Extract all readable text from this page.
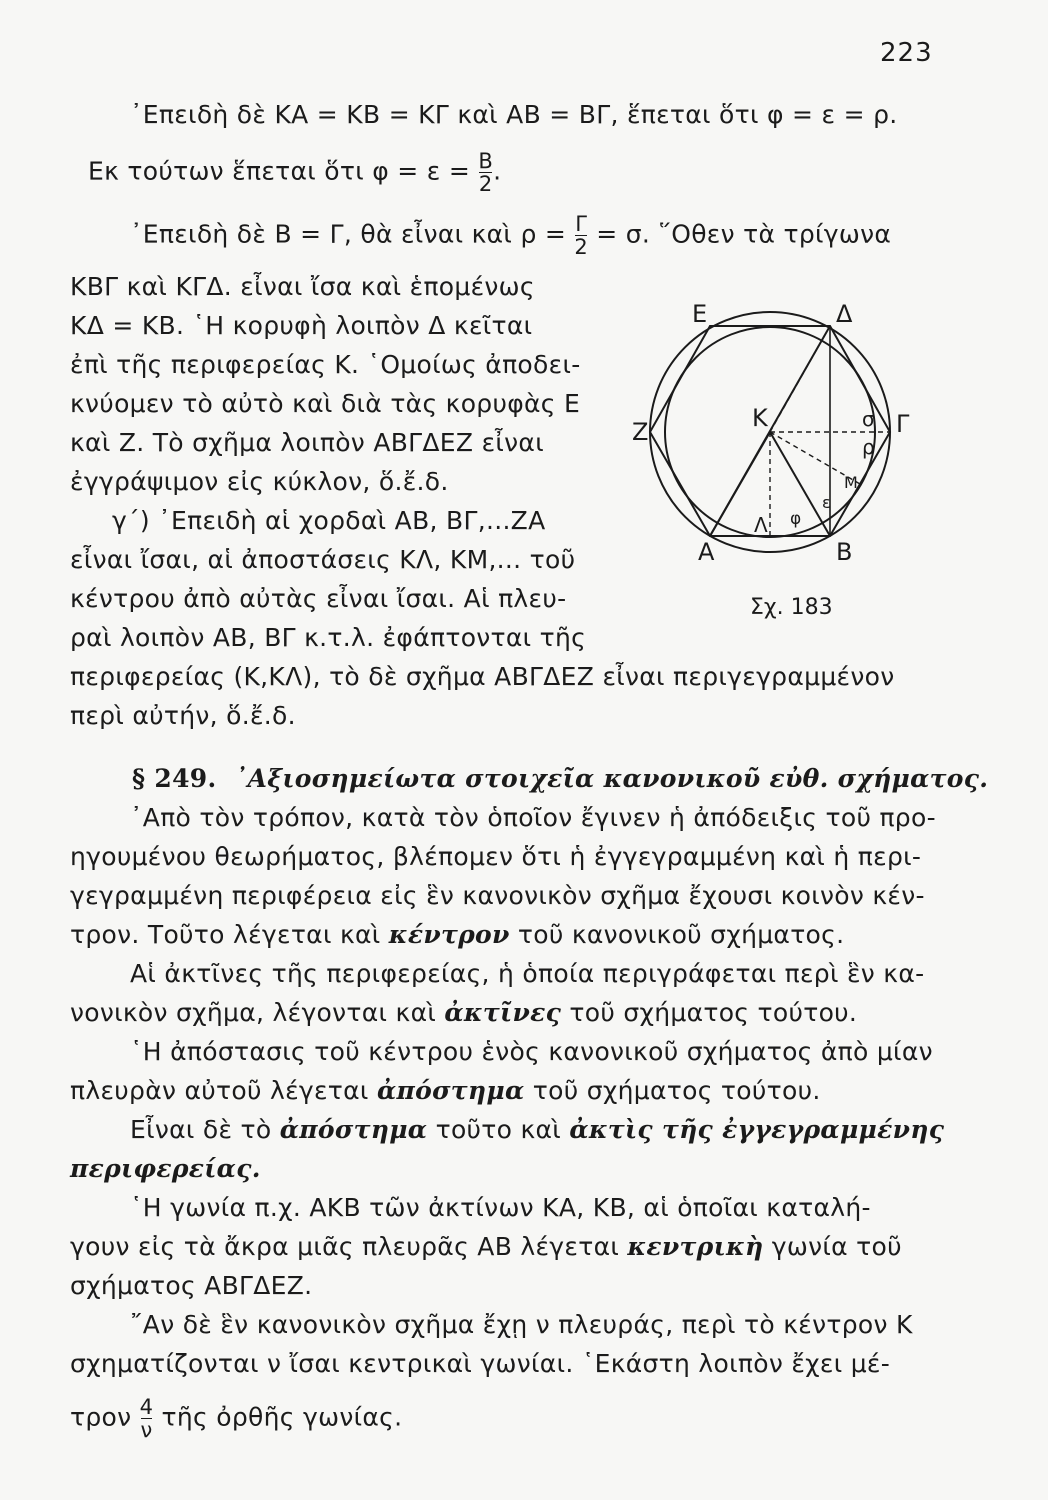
223
᾿Επειδὴ δὲ ΚΑ = ΚΒ = ΚΓ καὶ ΑΒ = ΒΓ, ἕπεται ὅτι φ = ε = ρ.
Εκ τούτων ἕπεται ὅτι $\varphi = \varepsilon = \frac{B}{2}$ .
᾿Επειδὴ δὲ Β = Γ, θὰ εἶναι καὶ $\rho = \frac{\Gamma}{2} = \sigma$. ῞Οθεν τὰ τρίγωνα
ΚΒΓ καὶ ΚΓΔ. εἶναι ἴσα καὶ ἑπομένως
ΚΔ = ΚΒ. ῾Η κορυφὴ λοιπὸν Δ κεῖται
ἐπὶ τῆς περιφερείας Κ. ῾Ομοίως ἀποδει-
κνύομεν τὸ αὐτὸ καὶ διὰ τὰς κορυφὰς Ε
καὶ Ζ. Τὸ σχῆμα λοιπὸν ΑΒΓΔΕΖ εἶναι
ἐγγράψιμον εἰς κύκλον, ὅ.ἔ.δ.
γ´) ᾿Επειδὴ αἱ χορδαὶ ΑΒ, ΒΓ,...ΖΑ
εἶναι ἴσαι, αἱ ἀποστάσεις ΚΛ, ΚΜ,... τοῦ
κέντρου ἀπὸ αὐτὰς εἶναι ἴσαι. Αἱ πλευ-
ραὶ λοιπὸν ΑΒ, ΒΓ κ.τ.λ. ἐφάπτονται τῆς
περιφερείας (Κ,ΚΛ), τὸ δὲ σχῆμα ΑΒΓΔΕΖ εἶναι περιγεγραμμένον
περὶ αὐτήν, ὅ.ἔ.δ.
Ε	Δ
Ζ	Κ	Γ
σ
ρ
Μ
ε
φ
Λ
Α	Β
Σχ. 183
§ 249. ᾿Αξιοσημείωτα στοιχεῖα κανονικοῦ εὐθ. σχήματος.
᾿Απὸ τὸν τρόπον, κατὰ τὸν ὁποῖον ἔγινεν ἡ ἀπόδειξις τοῦ προ-
ηγουμένου θεωρήματος, βλέπομεν ὅτι ἡ ἐγγεγραμμένη καὶ ἡ περι-
γεγραμμένη περιφέρεια εἰς ἓν κανονικὸν σχῆμα ἔχουσι κοινὸν κέν-
τρον. Τοῦτο λέγεται καὶ κέντρον τοῦ κανονικοῦ σχήματος.
Αἱ ἀκτῖνες τῆς περιφερείας, ἡ ὁποία περιγράφεται περὶ ἓν κα-
νονικὸν σχῆμα, λέγονται καὶ ἀκτῖνες τοῦ σχήματος τούτου.
῾Η ἀπόστασις τοῦ κέντρου ἑνὸς κανονικοῦ σχήματος ἀπὸ μίαν
πλευρὰν αὐτοῦ λέγεται ἀπόστημα τοῦ σχήματος τούτου.
Εἶναι δὲ τὸ ἀπόστημα τοῦτο καὶ ἀκτὶς τῆς ἐγγεγραμμένης
περιφερείας.
῾Η γωνία π.χ. ΑΚΒ τῶν ἀκτίνων ΚΑ, ΚΒ, αἱ ὁποῖαι καταλή-
γουν εἰς τὰ ἄκρα μιᾶς πλευρᾶς ΑΒ λέγεται κεντρικὴ γωνία τοῦ
σχήματος ΑΒΓΔΕΖ.
῎Αν δὲ ἓν κανονικὸν σχῆμα ἔχῃ ν πλευράς, περὶ τὸ κέντρον Κ
σχηματίζονται ν ἴσαι κεντρικαὶ γωνίαι. ῾Εκάστη λοιπὸν ἔχει μέ-
τρον $\frac{4}{\nu}$ τῆς ὀρθῆς γωνίας.
